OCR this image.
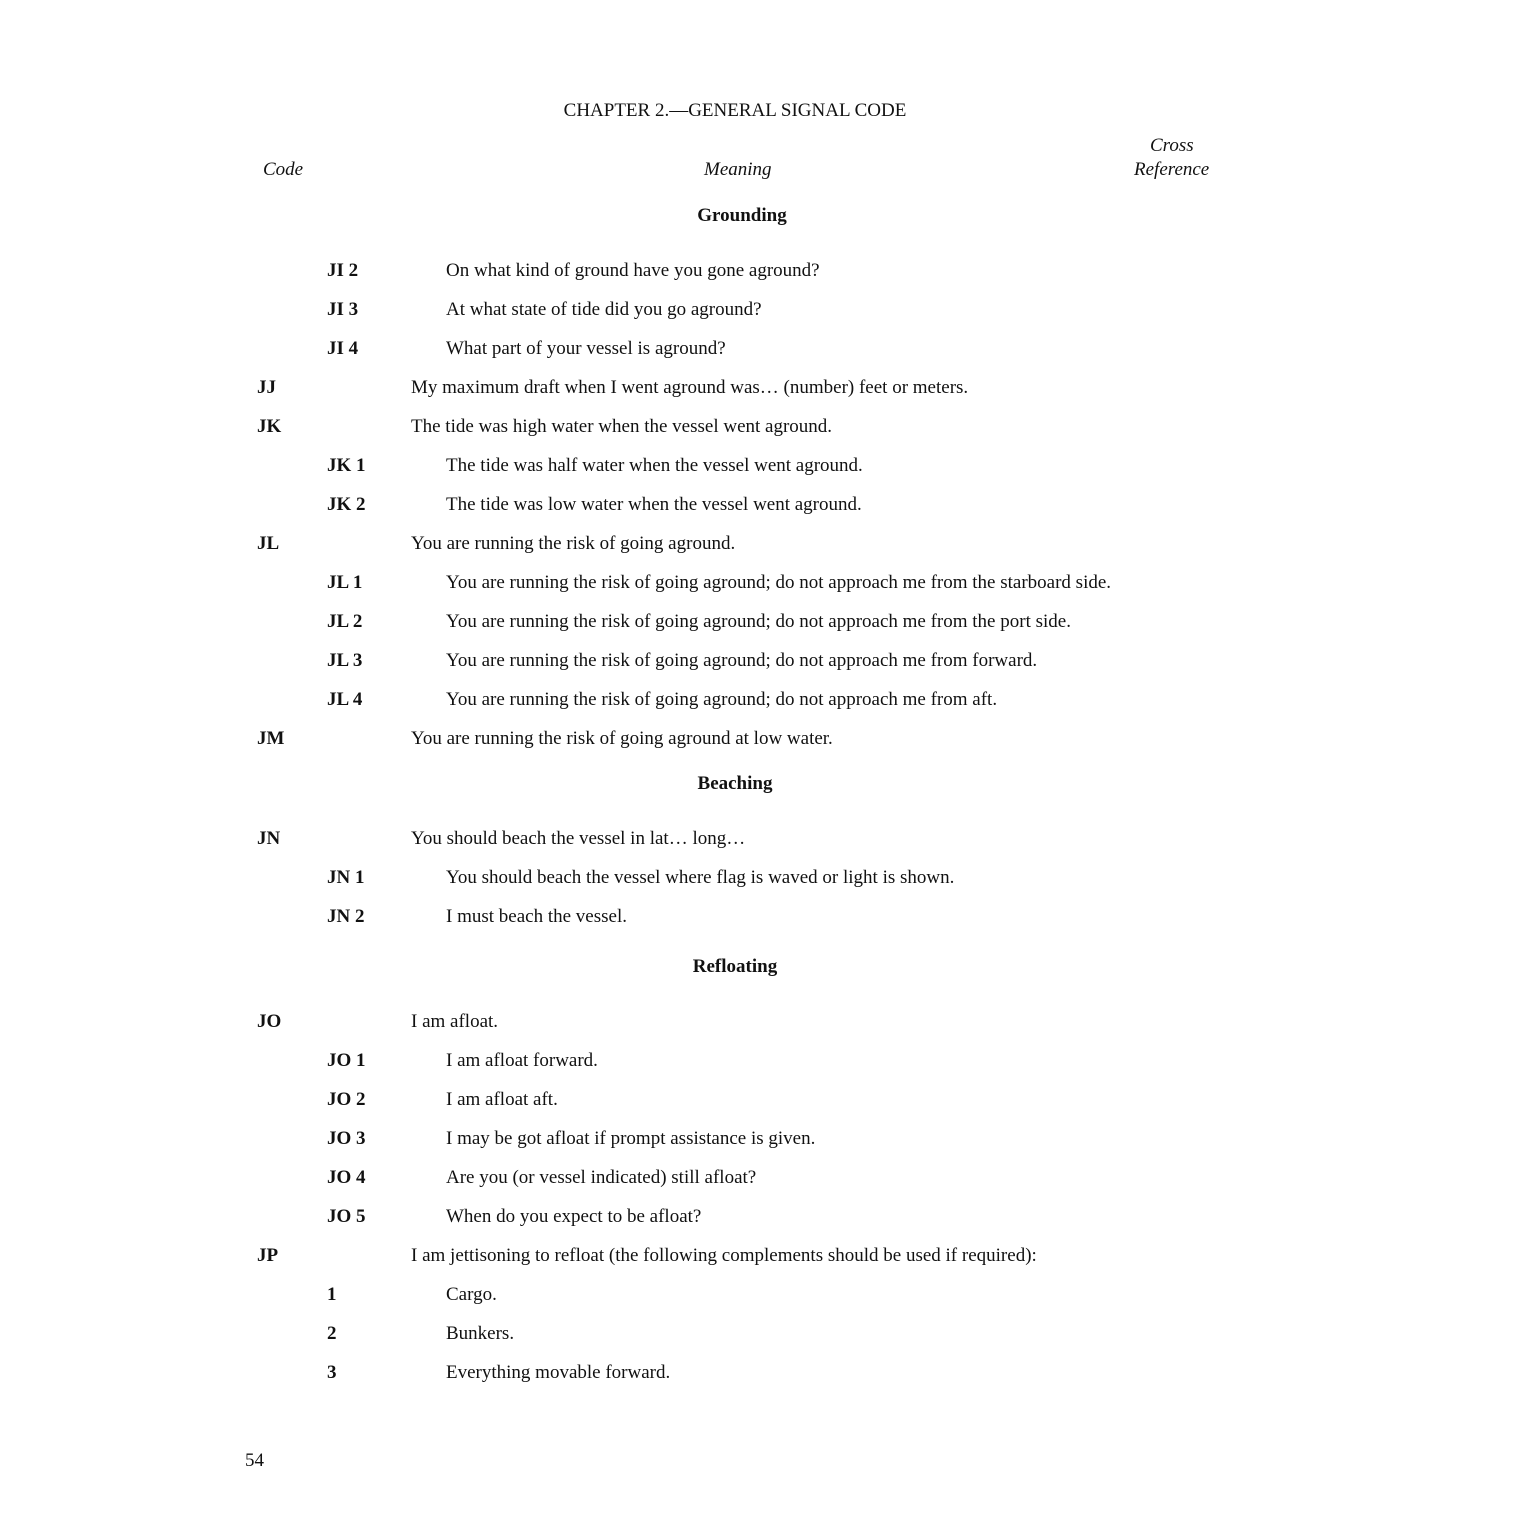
CHAPTER 2.—GENERAL SIGNAL CODE
Code	Meaning
Cross
Reference
Grounding
JI 2	On what kind of ground have you gone aground?
JI 3	At what state of tide did you go aground?
JI 4	What part of your vessel is aground?
JJ	My maximum draft when I went aground was… (number) feet or meters.
JK	The tide was high water when the vessel went aground.
JK 1	The tide was half water when the vessel went aground.
JK 2	The tide was low water when the vessel went aground.
JL	You are running the risk of going aground.
JL 1	You are running the risk of going aground; do not approach me from the starboard side.
JL 2	You are running the risk of going aground; do not approach me from the port side.
JL 3	You are running the risk of going aground; do not approach me from forward.
JL 4	You are running the risk of going aground; do not approach me from aft.
JM	You are running the risk of going aground at low water.
Beaching
JN	You should beach the vessel in lat… long…
JN 1	You should beach the vessel where flag is waved or light is shown.
JN 2	I must beach the vessel.
Refloating
JO	I am afloat.
JO 1	I am afloat forward.
JO 2	I am afloat aft.
JO 3	I may be got afloat if prompt assistance is given.
JO 4	Are you (or vessel indicated) still afloat?
JO 5	When do you expect to be afloat?
JP	I am jettisoning to refloat (the following complements should be used if required):
1	Cargo.
2	Bunkers.
3	Everything movable forward.
54
